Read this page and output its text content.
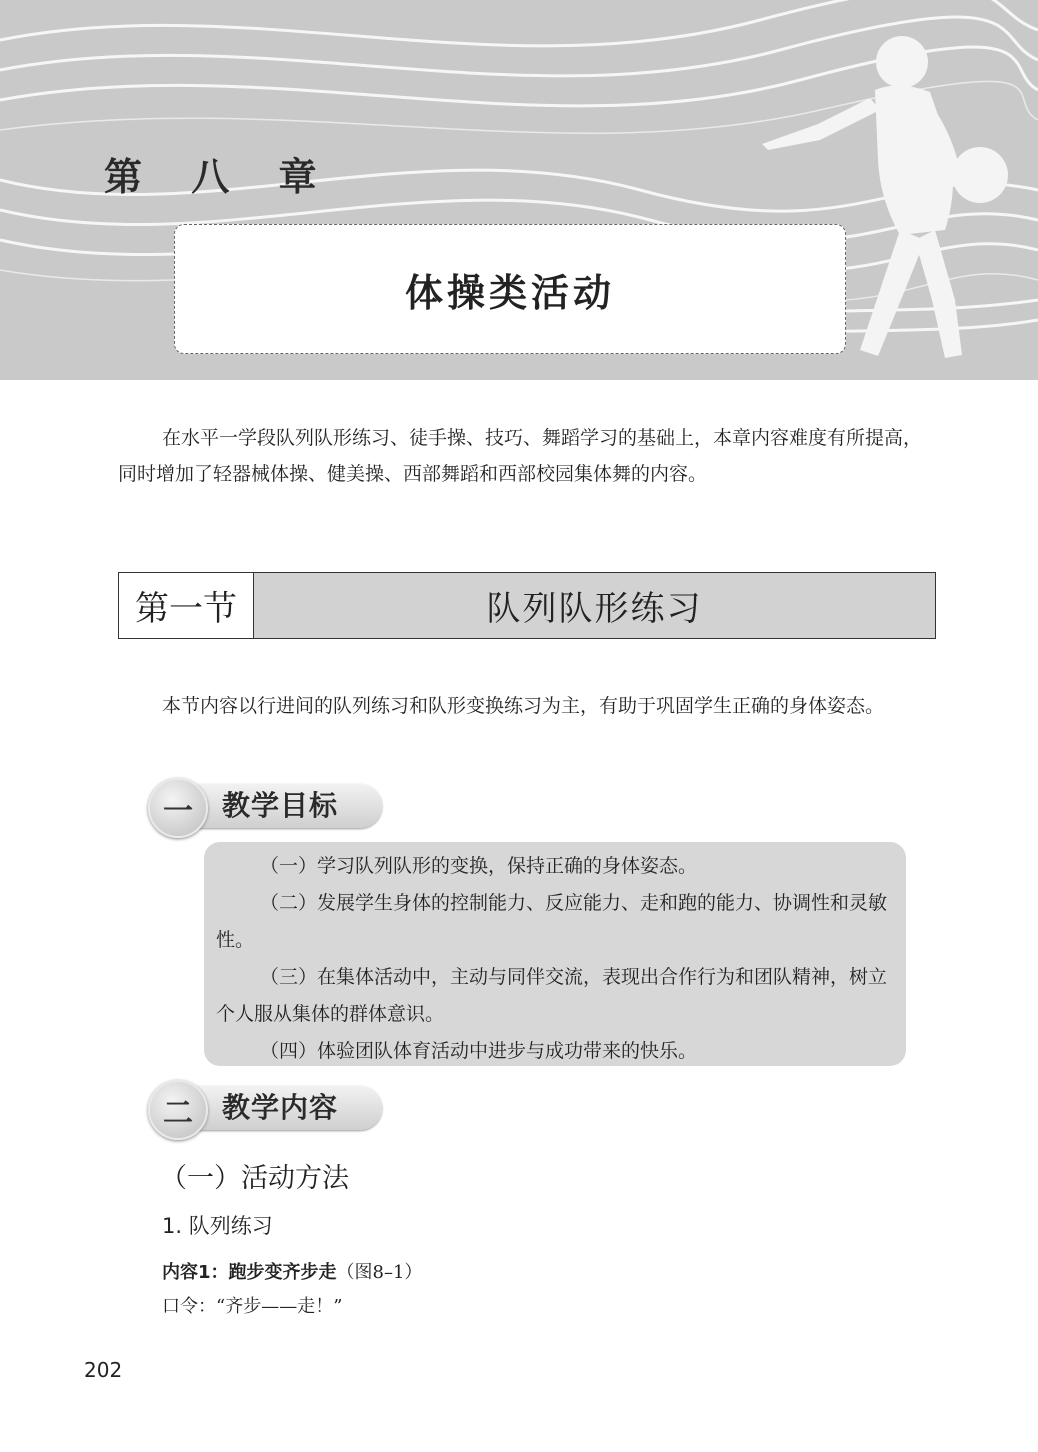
第 八 章
体操类活动

在水平一学段队列队形练习、徒手操、技巧、舞蹈学习的基础上，本章内容难度有所提高，同时增加了轻器械体操、健美操、西部舞蹈和西部校园集体舞的内容。

第一节	队列队形练习

本节内容以行进间的队列练习和队形变换练习为主，有助于巩固学生正确的身体姿态。

一	教学目标

（一）学习队列队形的变换，保持正确的身体姿态。

（二）发展学生身体的控制能力、反应能力、走和跑的能力、协调性和灵敏性。

（三）在集体活动中，主动与同伴交流，表现出合作行为和团队精神，树立个人服从集体的群体意识。

（四）体验团队体育活动中进步与成功带来的快乐。

二	教学内容
（一）活动方法
1. 队列练习
内容1：跑步变齐步走（图8–1）
口令：“齐步——走！”
202
